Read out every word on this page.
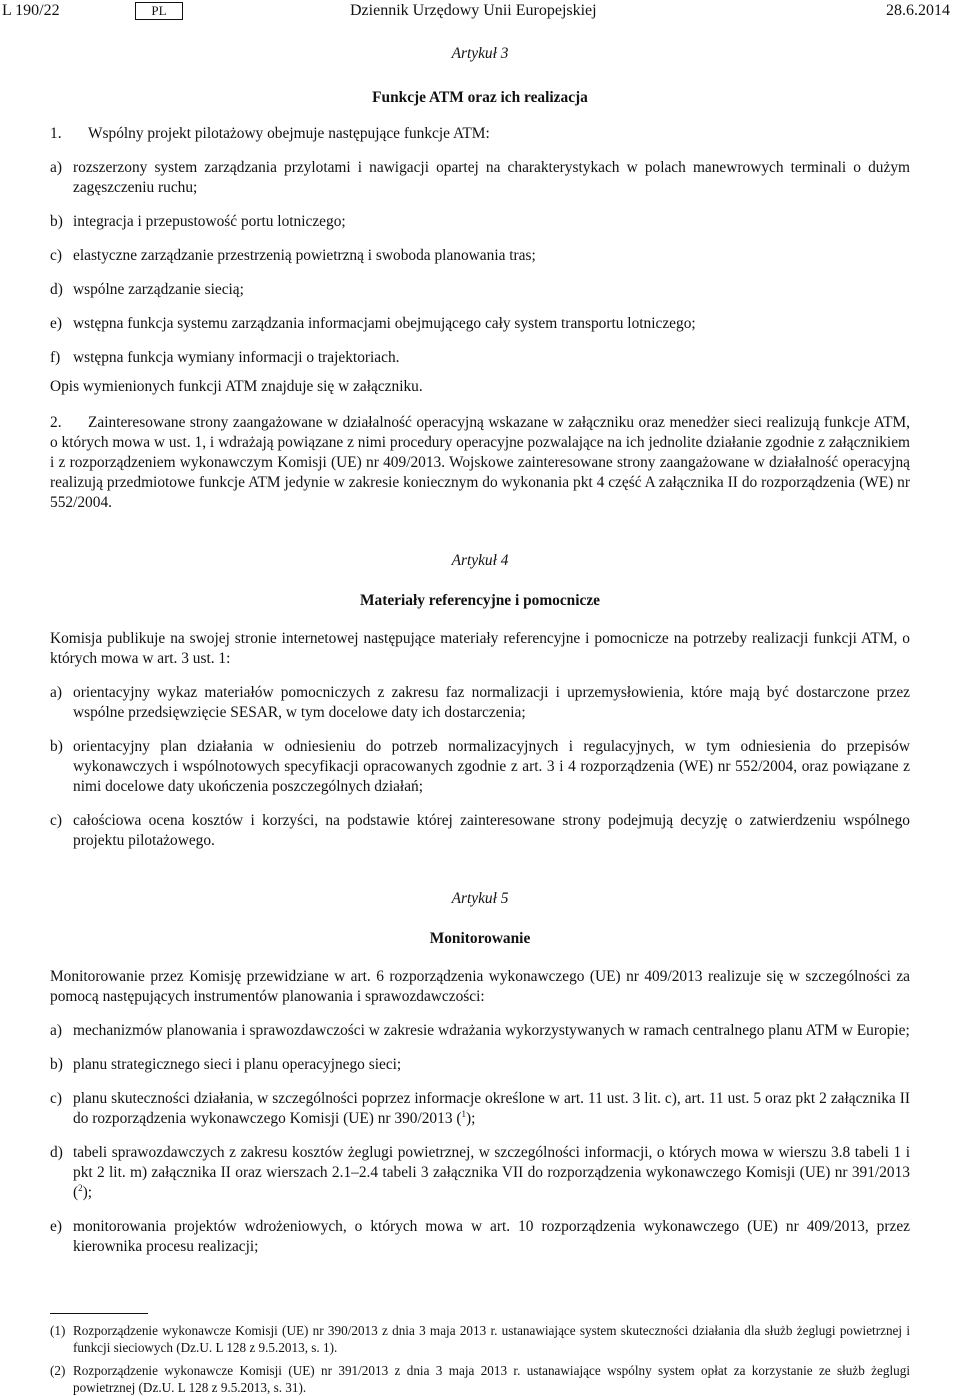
L 190/22	PL	Dziennik Urzędowy Unii Europejskiej	28.6.2014

Artykuł 3

Funkcje ATM oraz ich realizacja

1. Wspólny projekt pilotażowy obejmuje następujące funkcje ATM:

a) rozszerzony system zarządzania przylotami i nawigacji opartej na charakterystykach w polach manewrowych terminali o dużym zagęszczeniu ruchu;
b) integracja i przepustowość portu lotniczego;
c) elastyczne zarządzanie przestrzenią powietrzną i swoboda planowania tras;
d) wspólne zarządzanie siecią;
e) wstępna funkcja systemu zarządzania informacjami obejmującego cały system transportu lotniczego;
f) wstępna funkcja wymiany informacji o trajektoriach.

Opis wymienionych funkcji ATM znajduje się w załączniku.

2. Zainteresowane strony zaangażowane w działalność operacyjną wskazane w załączniku oraz menedżer sieci realizują funkcje ATM, o których mowa w ust. 1, i wdrażają powiązane z nimi procedury operacyjne pozwalające na ich jednolite działanie zgodnie z załącznikiem i z rozporządzeniem wykonawczym Komisji (UE) nr 409/2013. Wojskowe zainteresowane strony zaangażowane w działalność operacyjną realizują przedmiotowe funkcje ATM jedynie w zakresie koniecznym do wykonania pkt 4 część A załącznika II do rozporządzenia (WE) nr 552/2004.

Artykuł 4

Materiały referencyjne i pomocnicze

Komisja publikuje na swojej stronie internetowej następujące materiały referencyjne i pomocnicze na potrzeby realizacji funkcji ATM, o których mowa w art. 3 ust. 1:

a) orientacyjny wykaz materiałów pomocniczych z zakresu faz normalizacji i uprzemysłowienia, które mają być dostarczone przez wspólne przedsięwzięcie SESAR, w tym docelowe daty ich dostarczenia;
b) orientacyjny plan działania w odniesieniu do potrzeb normalizacyjnych i regulacyjnych, w tym odniesienia do przepisów wykonawczych i wspólnotowych specyfikacji opracowanych zgodnie z art. 3 i 4 rozporządzenia (WE) nr 552/2004, oraz powiązane z nimi docelowe daty ukończenia poszczególnych działań;
c) całościowa ocena kosztów i korzyści, na podstawie której zainteresowane strony podejmują decyzję o zatwierdzeniu wspólnego projektu pilotażowego.

Artykuł 5

Monitorowanie

Monitorowanie przez Komisję przewidziane w art. 6 rozporządzenia wykonawczego (UE) nr 409/2013 realizuje się w szczególności za pomocą następujących instrumentów planowania i sprawozdawczości:

a) mechanizmów planowania i sprawozdawczości w zakresie wdrażania wykorzystywanych w ramach centralnego planu ATM w Europie;
b) planu strategicznego sieci i planu operacyjnego sieci;
c) planu skuteczności działania, w szczególności poprzez informacje określone w art. 11 ust. 3 lit. c), art. 11 ust. 5 oraz pkt 2 załącznika II do rozporządzenia wykonawczego Komisji (UE) nr 390/2013 ($^1$);
d) tabeli sprawozdawczych z zakresu kosztów żeglugi powietrznej, w szczególności informacji, o których mowa w wierszu 3.8 tabeli 1 i pkt 2 lit. m) załącznika II oraz wierszach 2.1–2.4 tabeli 3 załącznika VII do rozporządzenia wykonawczego Komisji (UE) nr 391/2013 ($^2$);
e) monitorowania projektów wdrożeniowych, o których mowa w art. 10 rozporządzenia wykonawczego (UE) nr 409/2013, przez kierownika procesu realizacji;
(1) Rozporządzenie wykonawcze Komisji (UE) nr 390/2013 z dnia 3 maja 2013 r. ustanawiające system skuteczności działania dla służb żeglugi powietrznej i funkcji sieciowych (Dz.U. L 128 z 9.5.2013, s. 1).
(2) Rozporządzenie wykonawcze Komisji (UE) nr 391/2013 z dnia 3 maja 2013 r. ustanawiające wspólny system opłat za korzystanie ze służb żeglugi powietrznej (Dz.U. L 128 z 9.5.2013, s. 31).
